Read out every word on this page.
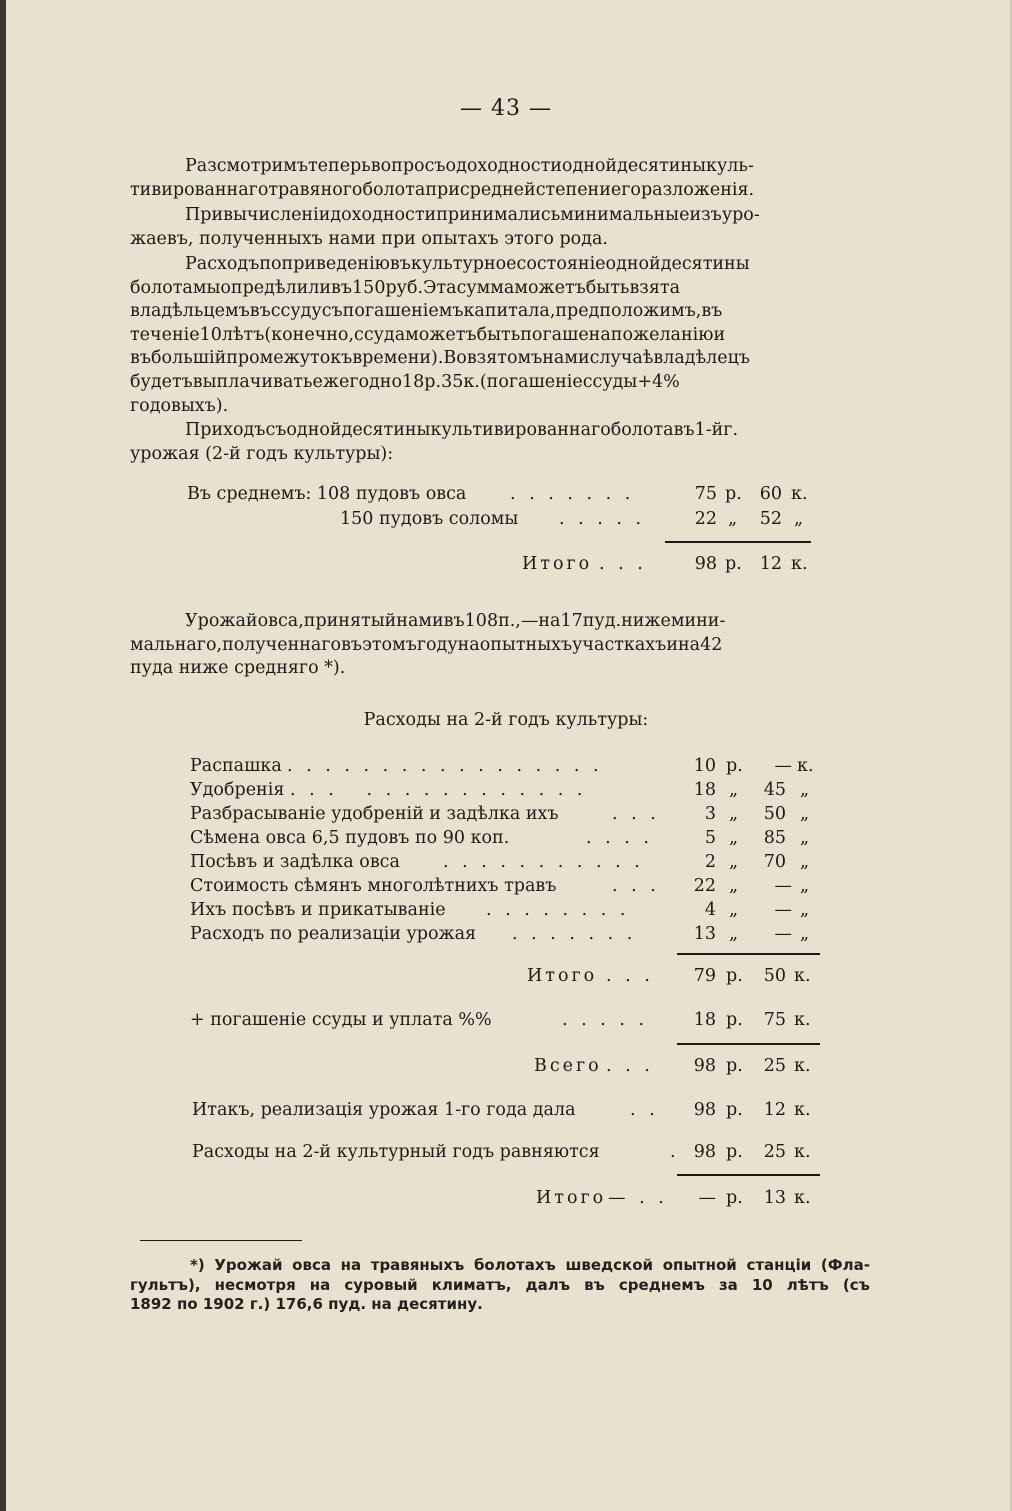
— 43 —
Разсмотримътеперьвопросъодоходностиоднойдесятиныкуль-
тивированнаготравяногоболотаприсреднейстепениегоразложенія.
Привычисленіидоходностипринималисьминимальныеизъуро-
жаевъ, полученныхъ нами при опытахъ этого рода.
Расходъпоприведеніювъкультурноесостояніеоднойдесятины
болотамыопредѣлиливъ150руб.Этасуммаможетъбытьвзята
владѣльцемъвъссудусъпогашеніемъкапитала,предположимъ,въ
теченіе10лѣтъ(конечно,ссудаможетъбытьпогашенапожеланіюи
въбольшійпромежутокъвремени).Вовзятомънамислучаѣвладѣлецъ
будетъвыплачиватьежегодно18р.35к.(погашеніессуды+4%
годовыхъ).
Приходъсъоднойдесятиныкультивированнагоболотавъ1-йг.
урожая (2-й годъ культуры):
Въ среднемъ: 108 пудовъ овса . . . . . . .	75 р.	60 к.
150 пудовъ соломы . . . . .	22 „	52 „
Итого . . .	98 р.	12 к.
Урожайовса,принятыйнамивъ108п.,—на17пуд.нижемини-
мальнаго,полученнаговъэтомъгодунаопытныхъучасткахъина42
пуда ниже средняго *).
Расходы на 2-й годъ культуры:
Распашка . . . . . . . . . . . . . . . . .	10 р.	— к.
Удобренія . . .   . . . . . . . . . . . .	18 „	45 „
Разбрасываніе удобреній и задѣлка ихъ	. . .	3 „	50 „
Сѣмена овса 6,5 пудовъ по 90 коп.	. . . .	5 „	85 „
Посѣвъ и задѣлка овса . . . . . . . . . . .	2 „	70 „
Стоимость сѣмянъ многолѣтнихъ травъ	. . .	22 „	— „
Ихъ посѣвъ и прикатываніе . . . . . . . .	4 „	— „
Расходъ по реализаціи урожая . . . . . . .	13 „	— „
Итого . . .	79 р.	50 к.
+ погашеніе ссуды и уплата %%	. . . . .	18 р.	75 к.
Всего . . .	98 р.	25 к.
Итакъ, реализація урожая 1-го года дала	. .	98 р.	12 к.
Расходы на 2-й культурный годъ равняются	. 98 р.	25 к.
Итого — . .	— р.	13 к.
*) Урожай овса на травяныхъ болотахъ шведской опытной станціи (Фла-
гультъ), несмотря на суровый климатъ, далъ въ среднемъ за 10 лѣтъ (съ
1892 по 1902 г.) 176,6 пуд. на десятину.
